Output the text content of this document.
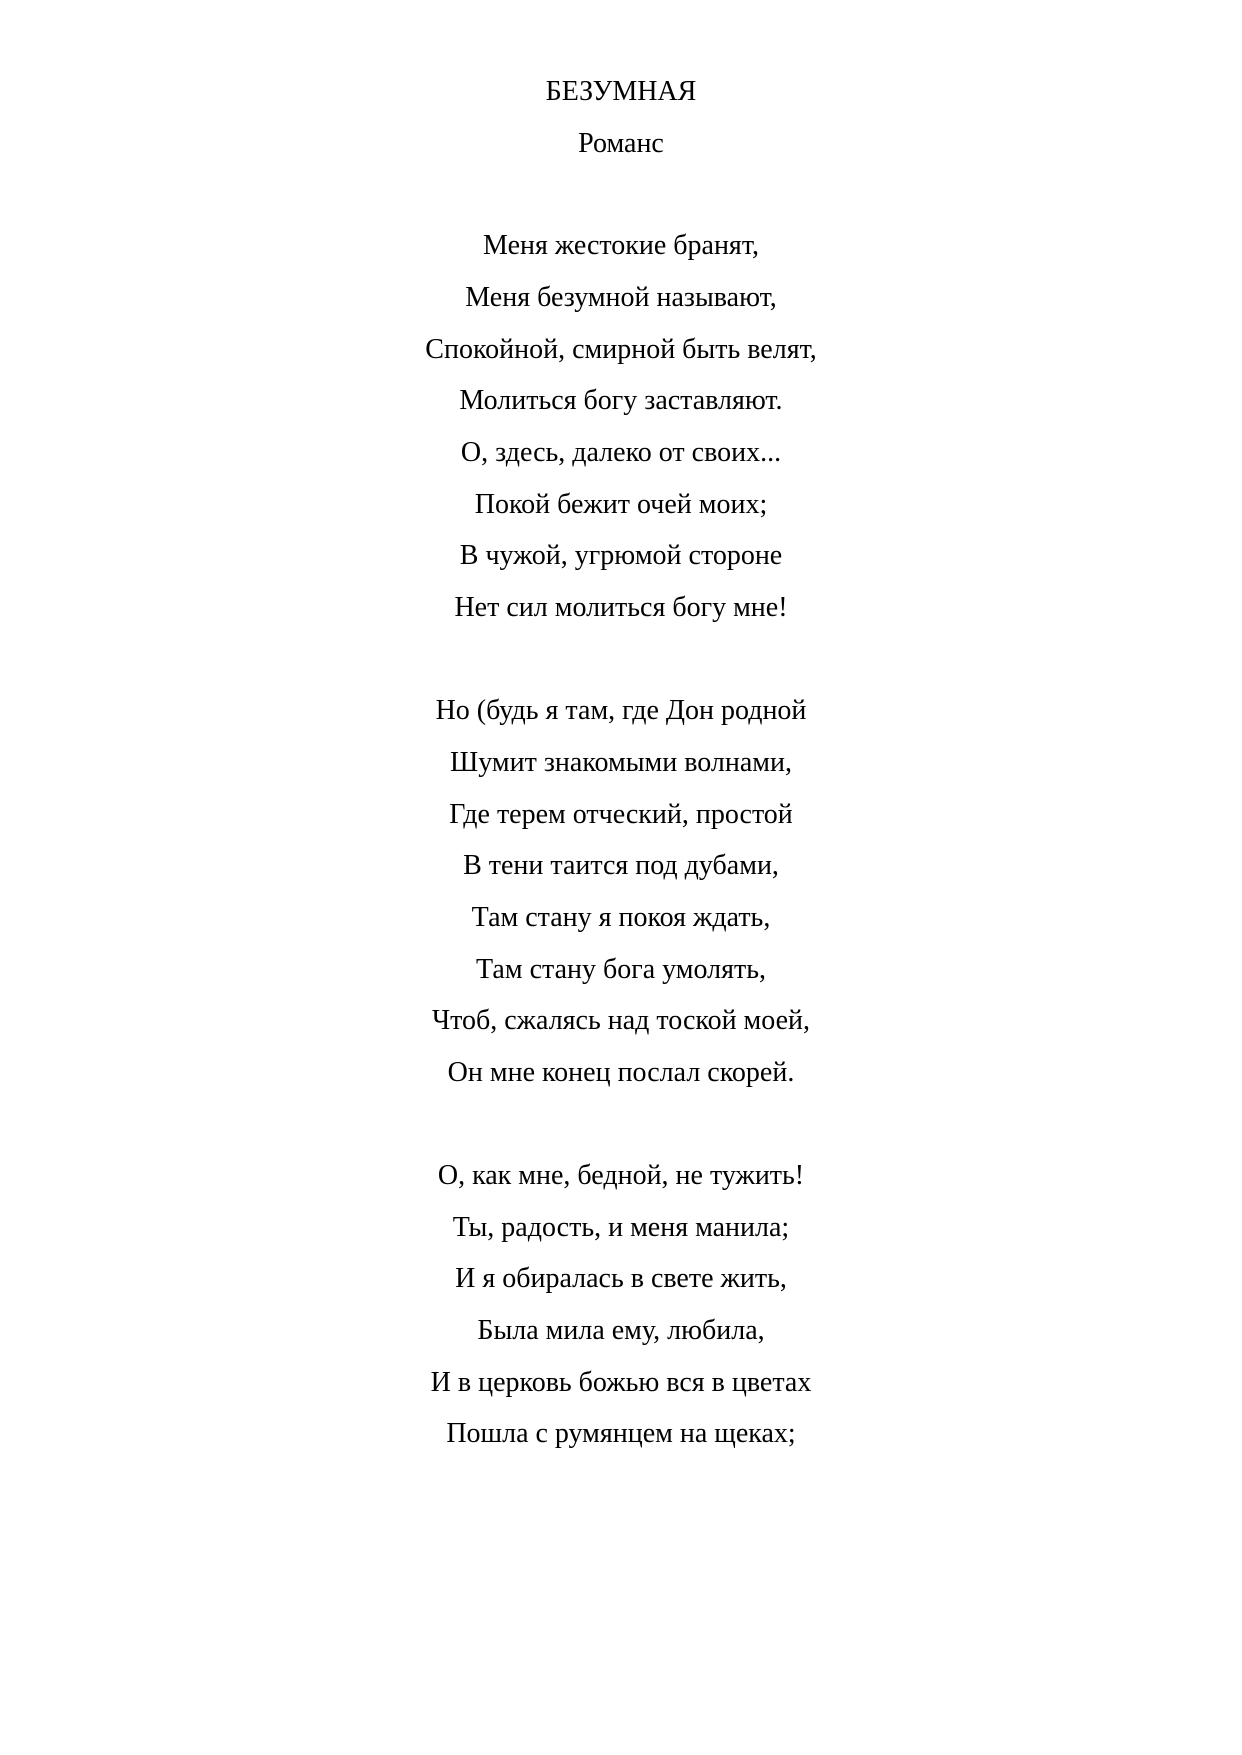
БЕЗУМНАЯ
Романс
Меня жестокие бранят,
Меня безумной называют,
Спокойной, смирной быть велят,
Молиться богу заставляют.
О, здесь, далеко от своих...
Покой бежит очей моих;
В чужой, угрюмой стороне
Нет сил молиться богу мне!
Но (будь я там, где Дон родной
Шумит знакомыми волнами,
Где терем отческий, простой
В тени таится под дубами,
Там стану я покоя ждать,
Там стану бога умолять,
Чтоб, сжалясь над тоской моей,
Он мне конец послал скорей.
О, как мне, бедной, не тужить!
Ты, радость, и меня манила;
И я обиралась в свете жить,
Была мила ему, любила,
И в церковь божью вся в цветах
Пошла с румянцем на щеках;
